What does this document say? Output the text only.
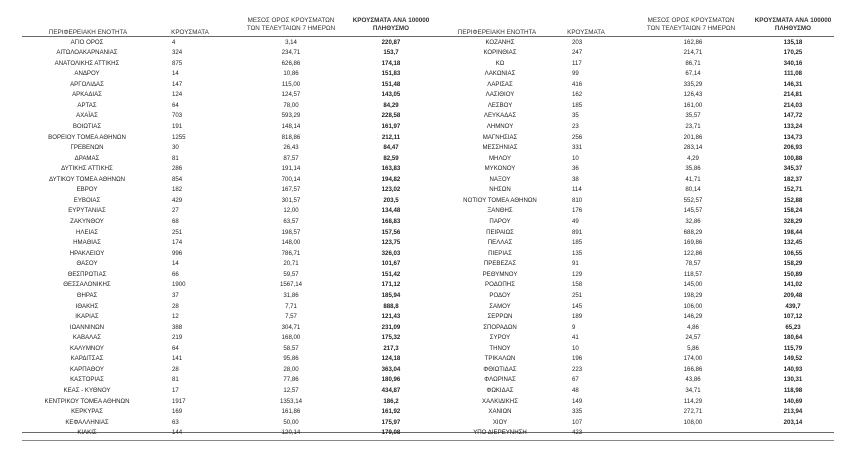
ΠΕΡΙΦΕΡΕΙΑΚΗ ΕΝΟΤΗΤΑ	ΚΡΟΥΣΜΑΤΑ
ΜΕΣΟΣ ΟΡΟΣ ΚΡΟΥΣΜΑΤΩΝ
ΤΩΝ ΤΕΛΕΥΤΑΙΩΝ 7 ΗΜΕΡΩΝ
ΚΡΟΥΣΜΑΤΑ ΑΝΑ 100000
ΠΛΗΘΥΣΜΟ
ΠΕΡΙΦΕΡΕΙΑΚΗ ΕΝΟΤΗΤΑ	ΚΡΟΥΣΜΑΤΑ
ΜΕΣΟΣ ΟΡΟΣ ΚΡΟΥΣΜΑΤΩΝ
ΤΩΝ ΤΕΛΕΥΤΑΙΩΝ 7 ΗΜΕΡΩΝ
ΚΡΟΥΣΜΑΤΑ ΑΝΑ 100000
ΠΛΗΘΥΣΜΟ
ΑΓΙΟ ΟΡΟΣ	4	3,14	220,87
ΑΙΤΩΛΟΑΚΑΡΝΑΝΙΑΣ	324	234,71	153,7
ΑΝΑΤΟΛΙΚΗΣ ΑΤΤΙΚΗΣ	875	626,86	174,18
ΑΝΔΡΟΥ	14	10,86	151,83
ΑΡΓΟΛΙΔΑΣ	147	115,00	151,48
ΑΡΚΑΔΙΑΣ	124	124,57	143,05
ΑΡΤΑΣ	64	78,00	84,29
ΑΧΑΪΑΣ	703	593,29	228,58
ΒΟΙΩΤΙΑΣ	191	148,14	161,97
ΒΟΡΕΙΟΥ ΤΟΜΕΑ ΑΘΗΝΩΝ	1255	818,86	212,11
ΓΡΕΒΕΝΩΝ	30	26,43	84,47
ΔΡΑΜΑΣ	81	87,57	82,59
ΔΥΤΙΚΗΣ ΑΤΤΙΚΗΣ	286	191,14	163,83
ΔΥΤΙΚΟΥ ΤΟΜΕΑ ΑΘΗΝΩΝ	854	700,14	194,82
ΕΒΡΟΥ	182	167,57	123,02
ΕΥΒΟΙΑΣ	429	301,57	203,5
ΕΥΡΥΤΑΝΙΑΣ	27	12,00	134,48
ΖΑΚΥΝΘΟΥ	68	63,57	168,83
ΗΛΕΙΑΣ	251	198,57	157,56
ΗΜΑΘΙΑΣ	174	148,00	123,75
ΗΡΑΚΛΕΙΟΥ	996	786,71	326,03
ΘΑΣΟΥ	14	20,71	101,67
ΘΕΣΠΡΩΤΙΑΣ	66	59,57	151,42
ΘΕΣΣΑΛΟΝΙΚΗΣ	1900	1567,14	171,12
ΘΗΡΑΣ	37	31,86	185,94
ΙΘΑΚΗΣ	28	7,71	888,8
ΙΚΑΡΙΑΣ	12	7,57	121,43
ΙΩΑΝΝΙΝΩΝ	388	304,71	231,09
ΚΑΒΑΛΑΣ	219	168,00	175,32
ΚΑΛΥΜΝΟΥ	64	58,57	217,3
ΚΑΡΔΙΤΣΑΣ	141	95,86	124,18
ΚΑΡΠΑΘΟΥ	28	28,00	363,04
ΚΑΣΤΟΡΙΑΣ	81	77,86	180,96
ΚΕΑΣ - ΚΥΘΝΟΥ	17	12,57	434,87
ΚΕΝΤΡΙΚΟΥ ΤΟΜΕΑ ΑΘΗΝΩΝ	1917	1353,14	186,2
ΚΕΡΚΥΡΑΣ	169	161,86	161,92
ΚΕΦΑΛΛΗΝΙΑΣ	63	50,00	175,97
ΚΙΛΚΙΣ	144	120,14	179,08
ΚΟΖΑΝΗΣ	203	162,86	135,18
ΚΟΡΙΝΘΙΑΣ	247	214,71	170,25
ΚΩ	117	86,71	340,16
ΛΑΚΩΝΙΑΣ	99	67,14	111,08
ΛΑΡΙΣΑΣ	416	335,29	146,31
ΛΑΣΙΘΙΟΥ	162	126,43	214,81
ΛΕΣΒΟΥ	185	161,00	214,03
ΛΕΥΚΑΔΑΣ	35	35,57	147,72
ΛΗΜΝΟΥ	23	23,71	133,24
ΜΑΓΝΗΣΙΑΣ	256	201,86	134,73
ΜΕΣΣΗΝΙΑΣ	331	283,14	206,93
ΜΗΛΟΥ	10	4,29	100,88
ΜΥΚΟΝΟΥ	36	35,86	345,37
ΝΑΞΟΥ	38	41,71	182,37
ΝΗΣΩΝ	114	80,14	152,71
ΝΟΤΙΟΥ ΤΟΜΕΑ ΑΘΗΝΩΝ	810	552,57	152,88
ΞΑΝΘΗΣ	176	145,57	158,24
ΠΑΡΟΥ	49	32,86	328,29
ΠΕΙΡΑΙΩΣ	891	688,29	198,44
ΠΕΛΛΑΣ	185	169,86	132,45
ΠΙΕΡΙΑΣ	135	122,86	106,55
ΠΡΕΒΕΖΑΣ	91	78,57	158,29
ΡΕΘΥΜΝΟΥ	129	118,57	150,89
ΡΟΔΟΠΗΣ	158	145,00	141,02
ΡΟΔΟΥ	251	198,29	209,48
ΣΑΜΟΥ	145	106,00	439,7
ΣΕΡΡΩΝ	189	146,29	107,12
ΣΠΟΡΑΔΩΝ	9	4,86	65,23
ΣΥΡΟΥ	41	24,57	180,64
ΤΗΝΟΥ	10	5,86	115,79
ΤΡΙΚΑΛΩΝ	196	174,00	149,52
ΦΘΙΩΤΙΔΑΣ	223	166,86	140,93
ΦΛΩΡΙΝΑΣ	67	43,86	130,31
ΦΩΚΙΔΑΣ	48	34,71	118,98
ΧΑΛΚΙΔΙΚΗΣ	149	114,29	140,69
ΧΑΝΙΩΝ	335	272,71	213,94
ΧΙΟΥ	107	108,00	203,14
ΥΠΟ ΔΙΕΡΕΥΝΗΣΗ	423
